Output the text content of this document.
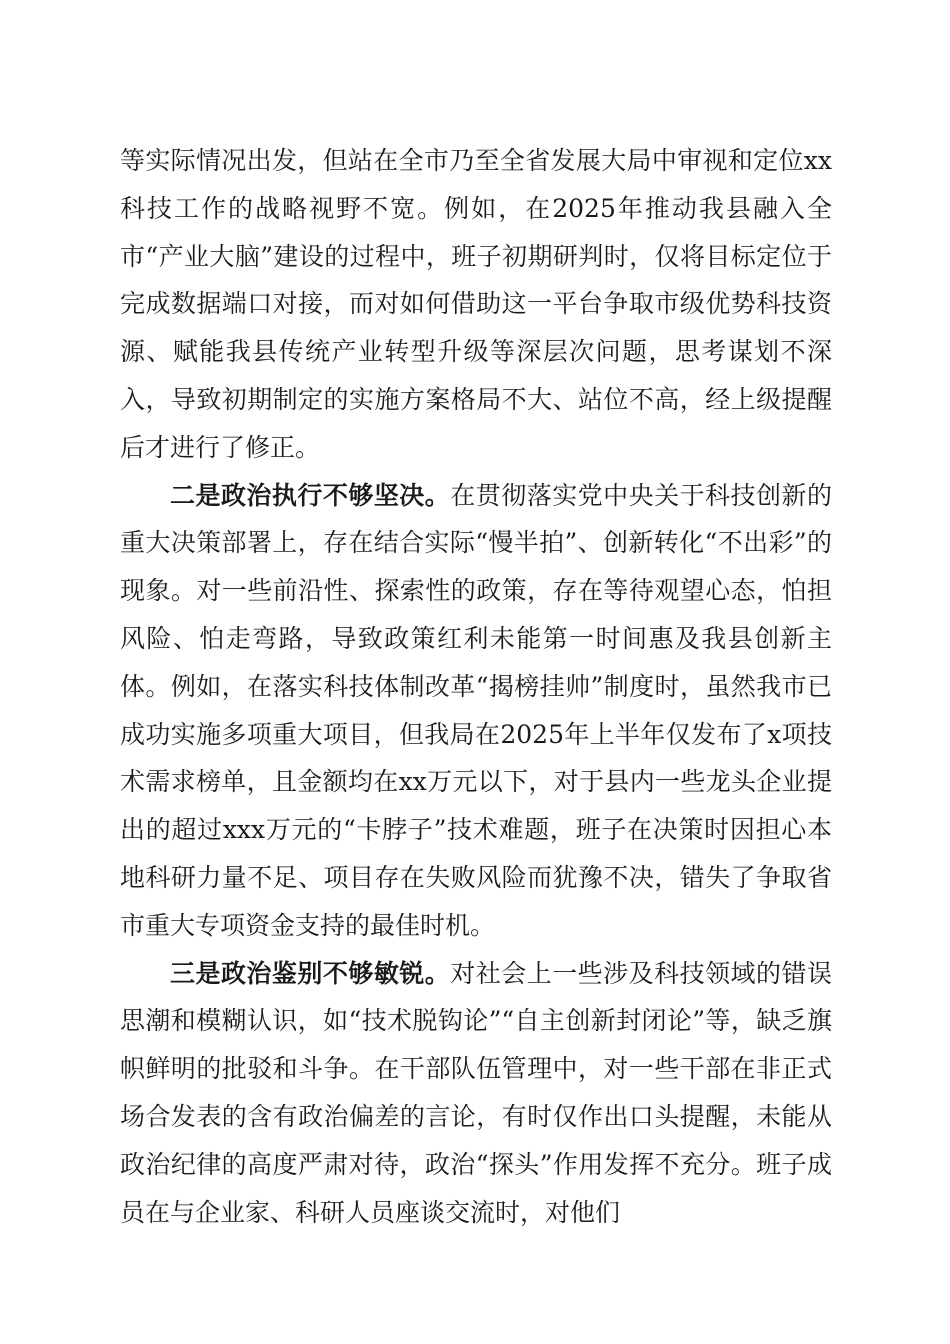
等实际情况出发，但站在全市乃至全省发展大局中审视和定位xx科技工作的战略视野不宽。例如，在2025年推动我县融入全市“产业大脑”建设的过程中，班子初期研判时，仅将目标定位于完成数据端口对接，而对如何借助这一平台争取市级优势科技资源、赋能我县传统产业转型升级等深层次问题，思考谋划不深入，导致初期制定的实施方案格局不大、站位不高，经上级提醒后才进行了修正。

二是政治执行不够坚决。在贯彻落实党中央关于科技创新的重大决策部署上，存在结合实际“慢半拍”、创新转化“不出彩”的现象。对一些前沿性、探索性的政策，存在等待观望心态，怕担风险、怕走弯路，导致政策红利未能第一时间惠及我县创新主体。例如，在落实科技体制改革“揭榜挂帅”制度时，虽然我市已成功实施多项重大项目，但我局在2025年上半年仅发布了x项技术需求榜单，且金额均在xx万元以下，对于县内一些龙头企业提出的超过xxx万元的“卡脖子”技术难题，班子在决策时因担心本地科研力量不足、项目存在失败风险而犹豫不决，错失了争取省市重大专项资金支持的最佳时机。

三是政治鉴别不够敏锐。对社会上一些涉及科技领域的错误思潮和模糊认识，如“技术脱钩论”“自主创新封闭论”等，缺乏旗帜鲜明的批驳和斗争。在干部队伍管理中，对一些干部在非正式场合发表的含有政治偏差的言论，有时仅作出口头提醒，未能从政治纪律的高度严肃对待，政治“探头”作用发挥不充分。班子成员在与企业家、科研人员座谈交流时，对他们
